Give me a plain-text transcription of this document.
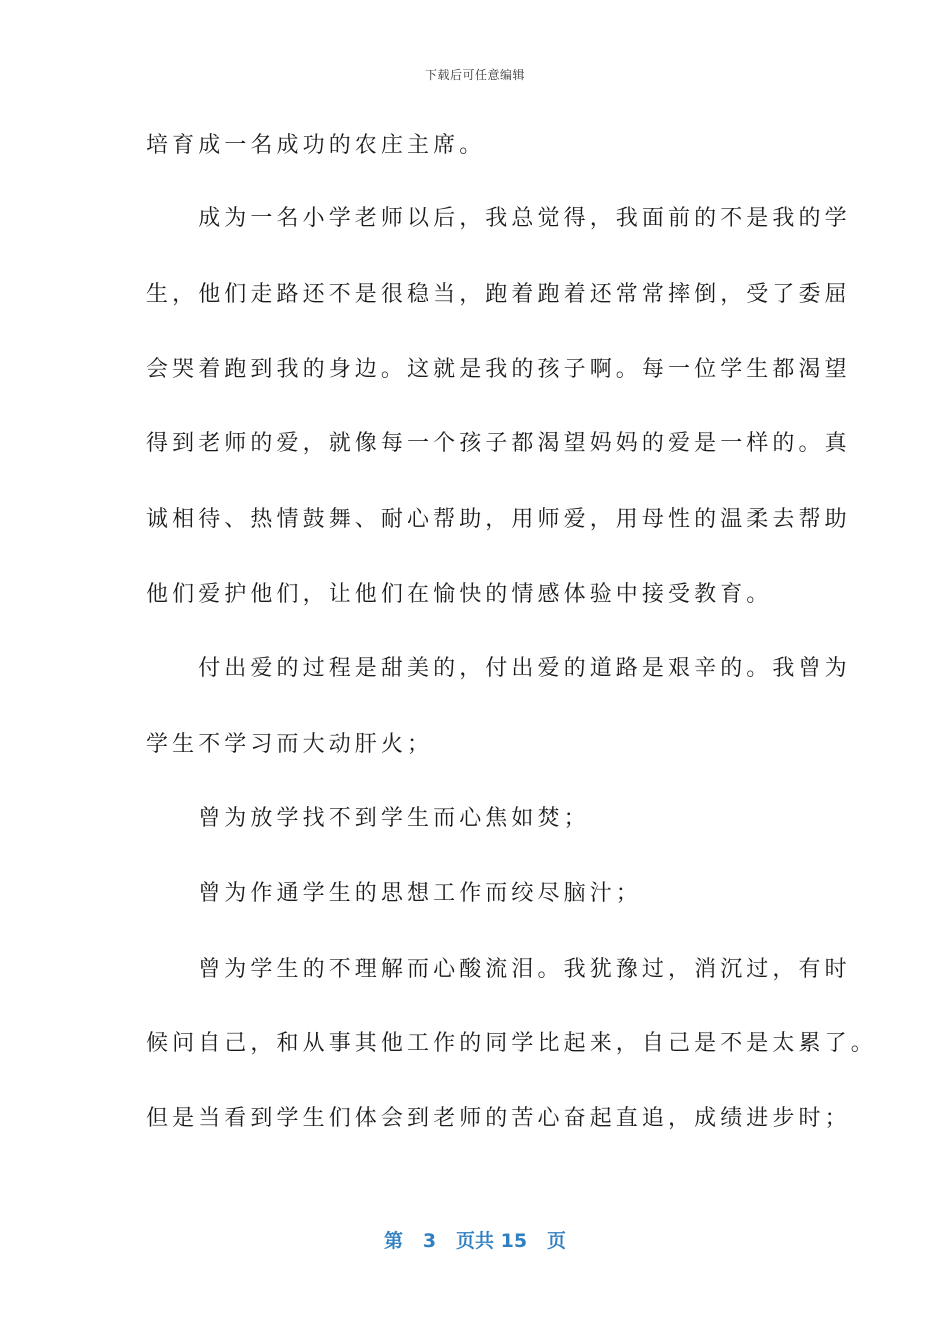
下载后可任意编辑
培育成一名成功的农庄主席。
　　成为一名小学老师以后，我总觉得，我面前的不是我的学
生，他们走路还不是很稳当，跑着跑着还常常摔倒，受了委屈
会哭着跑到我的身边。这就是我的孩子啊。每一位学生都渴望
得到老师的爱，就像每一个孩子都渴望妈妈的爱是一样的。真
诚相待、热情鼓舞、耐心帮助，用师爱，用母性的温柔去帮助
他们爱护他们，让他们在愉快的情感体验中接受教育。
　　付出爱的过程是甜美的，付出爱的道路是艰辛的。我曾为
学生不学习而大动肝火；
　　曾为放学找不到学生而心焦如焚；
　　曾为作通学生的思想工作而绞尽脑汁；
　　曾为学生的不理解而心酸流泪。我犹豫过，消沉过，有时
候问自己，和从事其他工作的同学比起来，自己是不是太累了。
但是当看到学生们体会到老师的苦心奋起直追，成绩进步时；
第 3 页共 15 页
